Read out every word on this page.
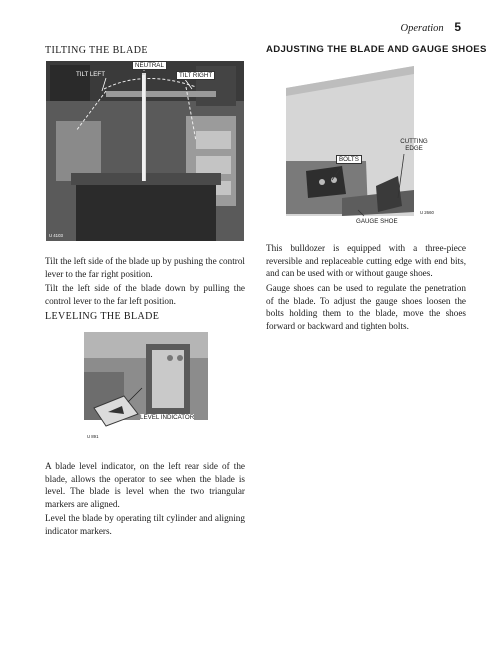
Operation 5
TILTING THE BLADE
NEUTRAL
TILT LEFT	TILT RIGHT
U 4103
Tilt the left side of the blade up by pushing the control lever to the far right position.
Tilt the left side of the blade down by pulling the control lever to the far left position.
LEVELING THE BLADE
LEVEL INDICATOR
U 891
A blade level indicator, on the left rear side of the blade, allows the operator to see when the blade is level. The blade is level when the two triangular markers are aligned.
Level the blade by operating tilt cylinder and aligning indicator markers.
ADJUSTING THE BLADE AND GAUGE SHOES
CUTTING EDGE
BOLTS
GAUGE SHOE
U 2660
This bulldozer is equipped with a three-piece reversible and replaceable cutting edge with end bits, and can be used with or without gauge shoes.
Gauge shoes can be used to regulate the penetration of the blade. To adjust the gauge shoes loosen the bolts holding them to the blade, move the shoes forward or backward and tighten bolts.
